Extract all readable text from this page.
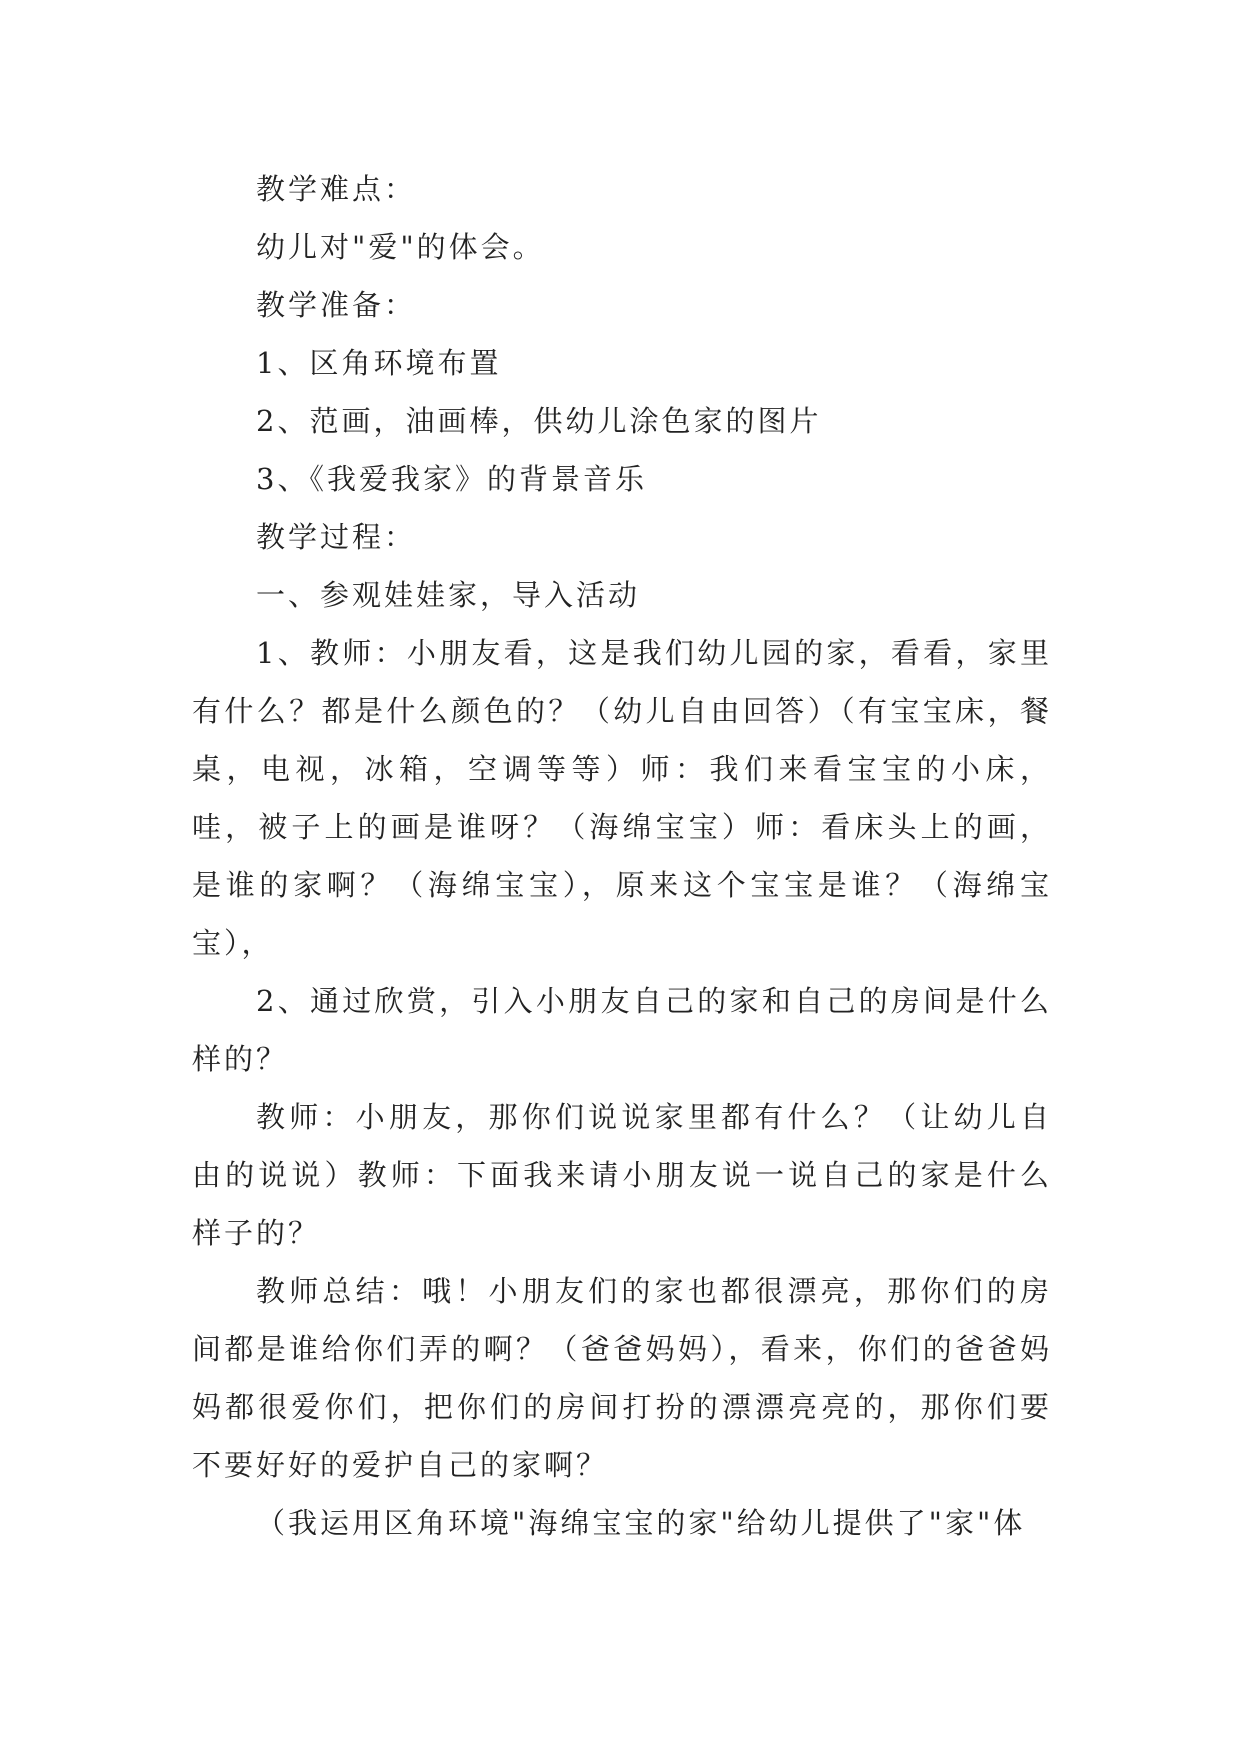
教学难点：

幼儿对"爱"的体会。

教学准备：

1、区角环境布置

2、范画，油画棒，供幼儿涂色家的图片

3、《我爱我家》的背景音乐

教学过程：

一、参观娃娃家，导入活动

1、教师：小朋友看，这是我们幼儿园的家，看看，家里有什么？都是什么颜色的？（幼儿自由回答）（有宝宝床，餐桌，电视，冰箱，空调等等）师：我们来看宝宝的小床，哇，被子上的画是谁呀？（海绵宝宝）师：看床头上的画，是谁的家啊？（海绵宝宝），原来这个宝宝是谁？（海绵宝宝），

2、通过欣赏，引入小朋友自己的家和自己的房间是什么样的？

教师：小朋友，那你们说说家里都有什么？（让幼儿自由的说说）教师：下面我来请小朋友说一说自己的家是什么样子的？

教师总结：哦！小朋友们的家也都很漂亮，那你们的房间都是谁给你们弄的啊？（爸爸妈妈），看来，你们的爸爸妈妈都很爱你们，把你们的房间打扮的漂漂亮亮的，那你们要不要好好的爱护自己的家啊？

（我运用区角环境"海绵宝宝的家"给幼儿提供了"家"体
